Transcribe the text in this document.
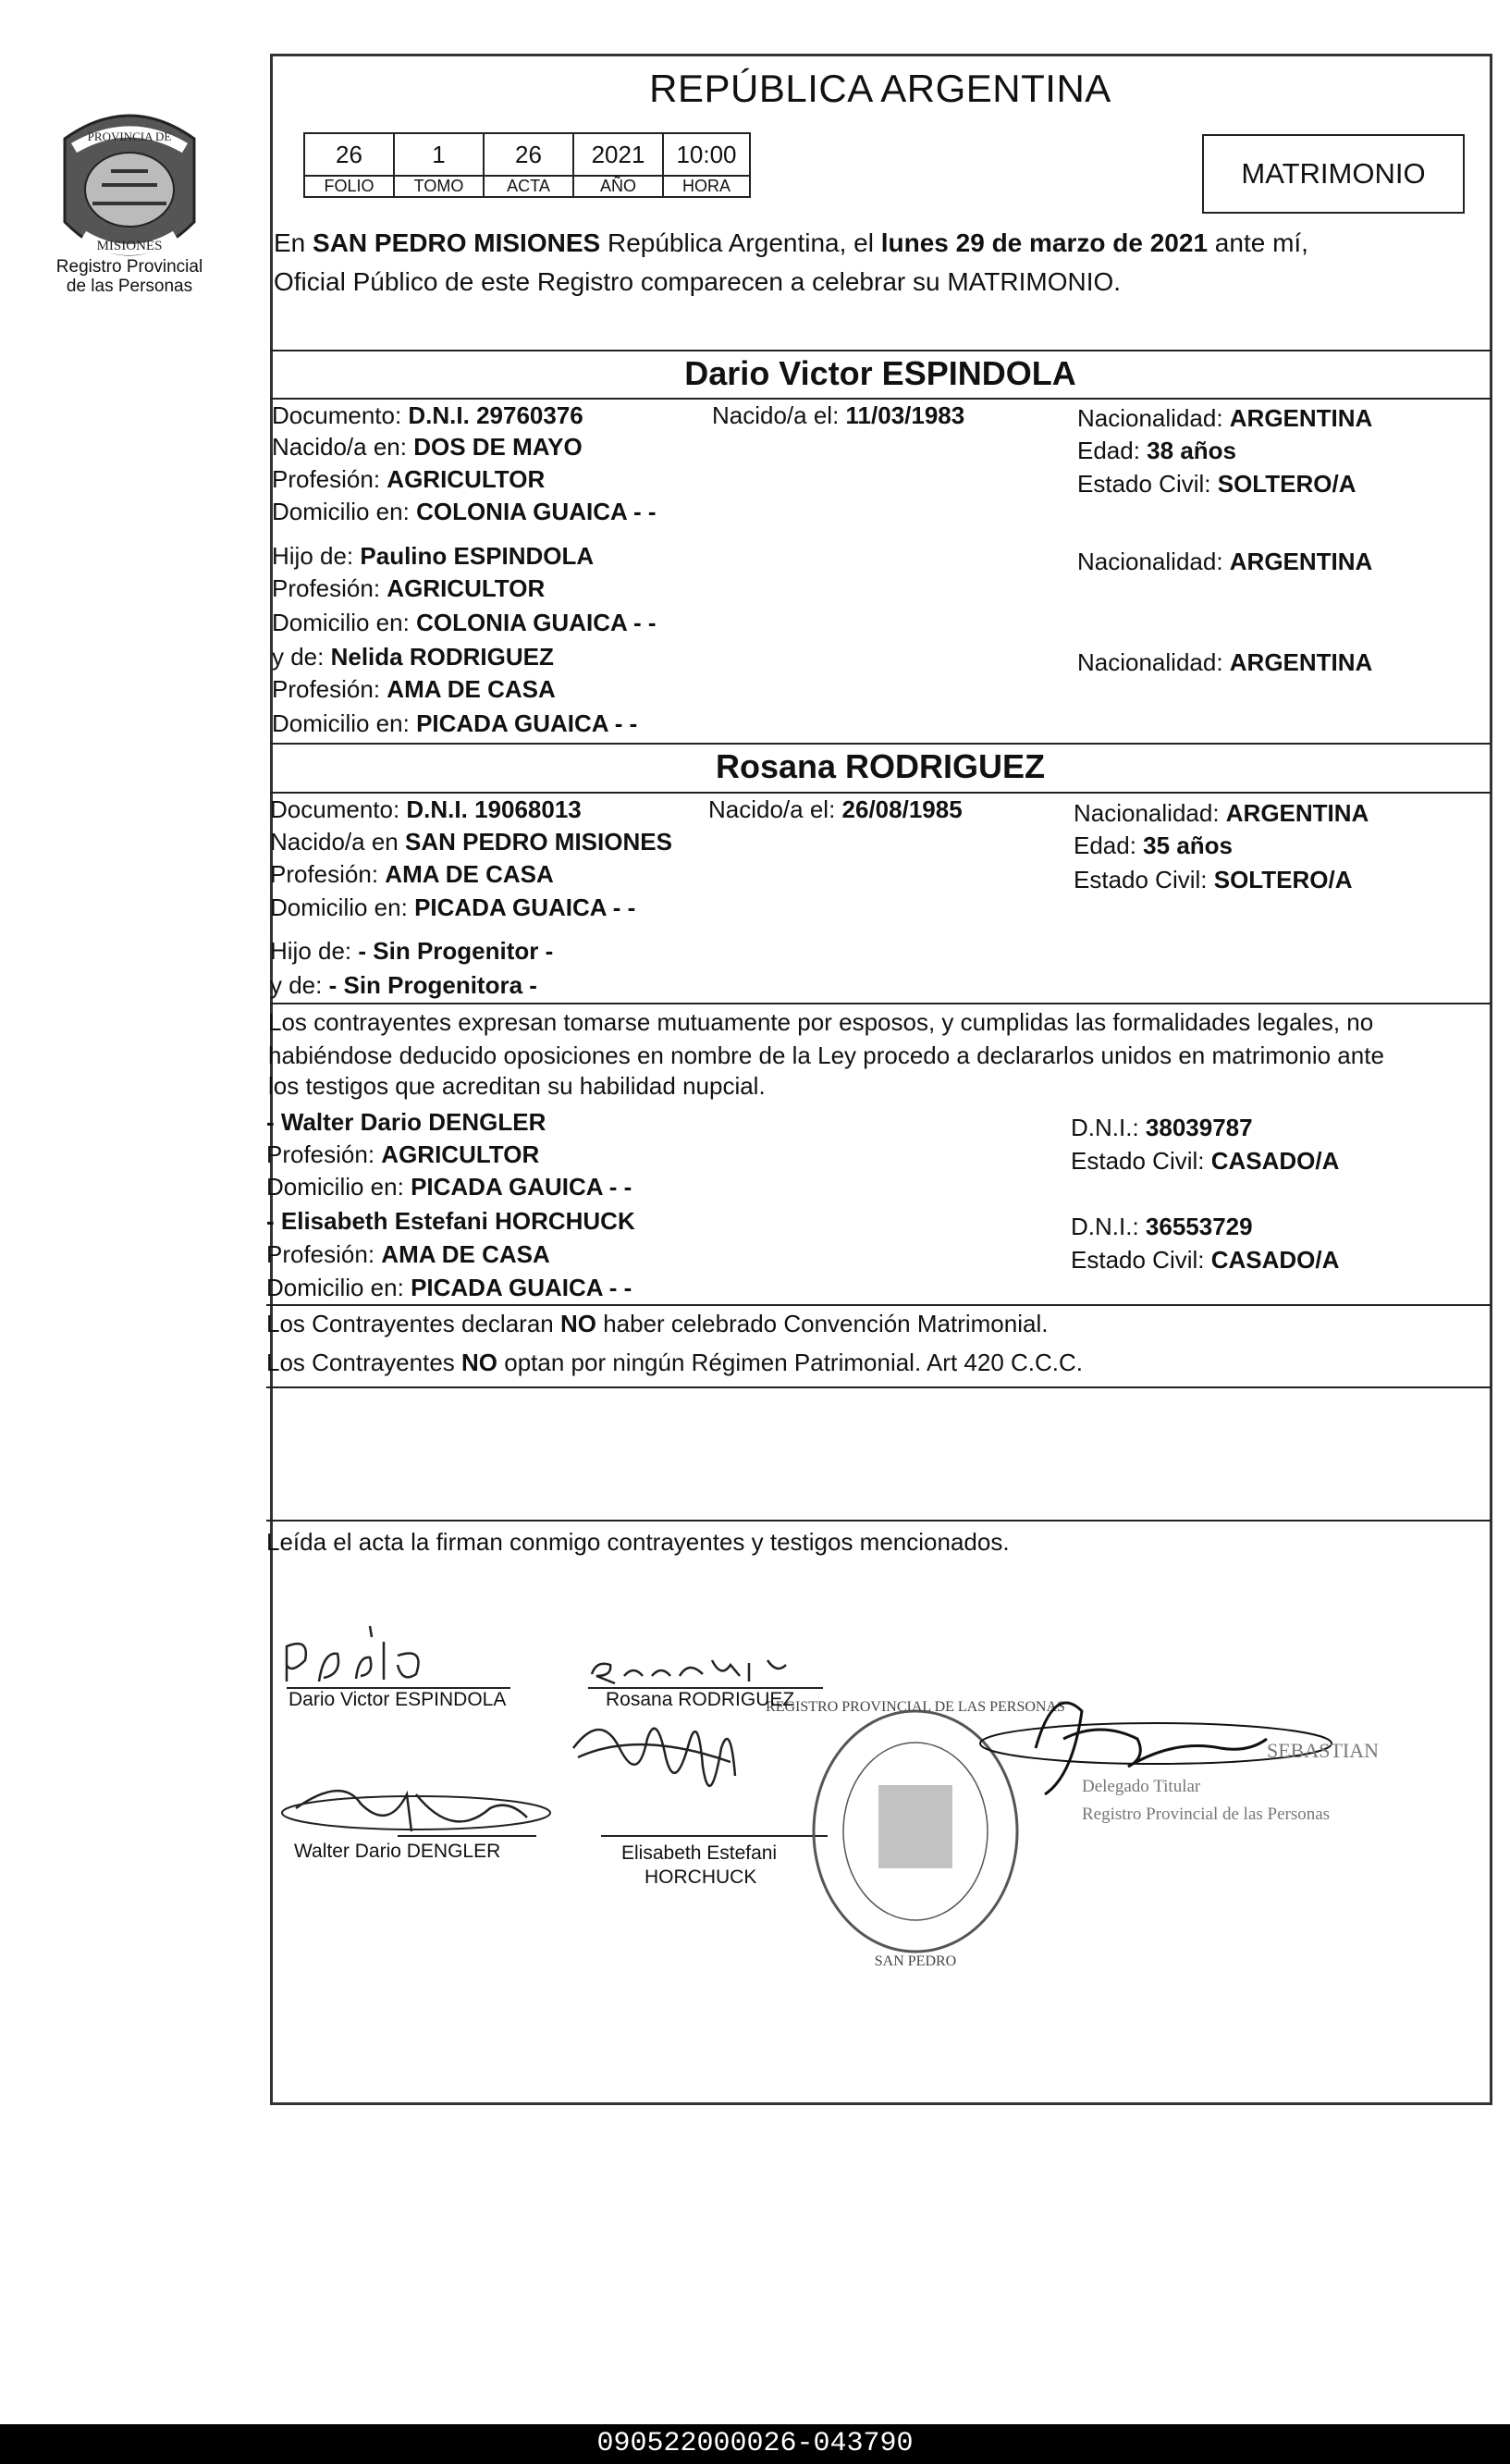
PROVINCIA DE
MISIONES
Registro Provincial
de las Personas
REPÚBLICA ARGENTINA
26	1	26	2021	10:00
FOLIO	TOMO	ACTA	AÑO	HORA	MATRIMONIO
En SAN PEDRO MISIONES República Argentina, el lunes 29 de marzo de 2021 ante mí,
Oficial Público de este Registro comparecen a celebrar su MATRIMONIO.
Dario Victor ESPINDOLA
Documento: D.N.I. 29760376	Nacido/a el: 11/03/1983	Nacionalidad: ARGENTINA
Nacido/a en: DOS DE MAYO	Edad: 38 años
Profesión: AGRICULTOR	Estado Civil: SOLTERO/A
Domicilio en: COLONIA GUAICA - -
Hijo de: Paulino ESPINDOLA	Nacionalidad: ARGENTINA
Profesión: AGRICULTOR
Domicilio en: COLONIA GUAICA - -
y de: Nelida RODRIGUEZ	Nacionalidad: ARGENTINA
Profesión: AMA DE CASA
Domicilio en: PICADA GUAICA - -
Rosana RODRIGUEZ
Documento: D.N.I. 19068013	Nacido/a el: 26/08/1985	Nacionalidad: ARGENTINA
Nacido/a en SAN PEDRO MISIONES	Edad: 35 años
Profesión: AMA DE CASA	Estado Civil: SOLTERO/A
Domicilio en: PICADA GUAICA - -
Hijo de: - Sin Progenitor -
y de: - Sin Progenitora -
Los contrayentes expresan tomarse mutuamente por esposos, y cumplidas las formalidades legales, no
habiéndose deducido oposiciones en nombre de la Ley procedo a declararlos unidos en matrimonio ante
los testigos que acreditan su habilidad nupcial.
- Walter Dario DENGLER	D.N.I.: 38039787
Profesión: AGRICULTOR	Estado Civil: CASADO/A
Domicilio en: PICADA GAUICA - -
- Elisabeth Estefani HORCHUCK	D.N.I.: 36553729
Profesión: AMA DE CASA	Estado Civil: CASADO/A
Domicilio en: PICADA GUAICA - -
Los Contrayentes declaran NO haber celebrado Convención Matrimonial.
Los Contrayentes NO optan por ningún Régimen Patrimonial. Art 420 C.C.C.
Leída el acta la firman conmigo contrayentes y testigos mencionados.
REGISTRO PROVINCIAL DE LAS PERSONAS
SAN PEDRO
SEBASTIAN
Delegado Titular
Registro Provincial de las Personas
Dario Victor ESPINDOLA	Rosana RODRIGUEZ
Walter Dario DENGLER	Elisabeth Estefani
HORCHUCK
090522000026-043790
